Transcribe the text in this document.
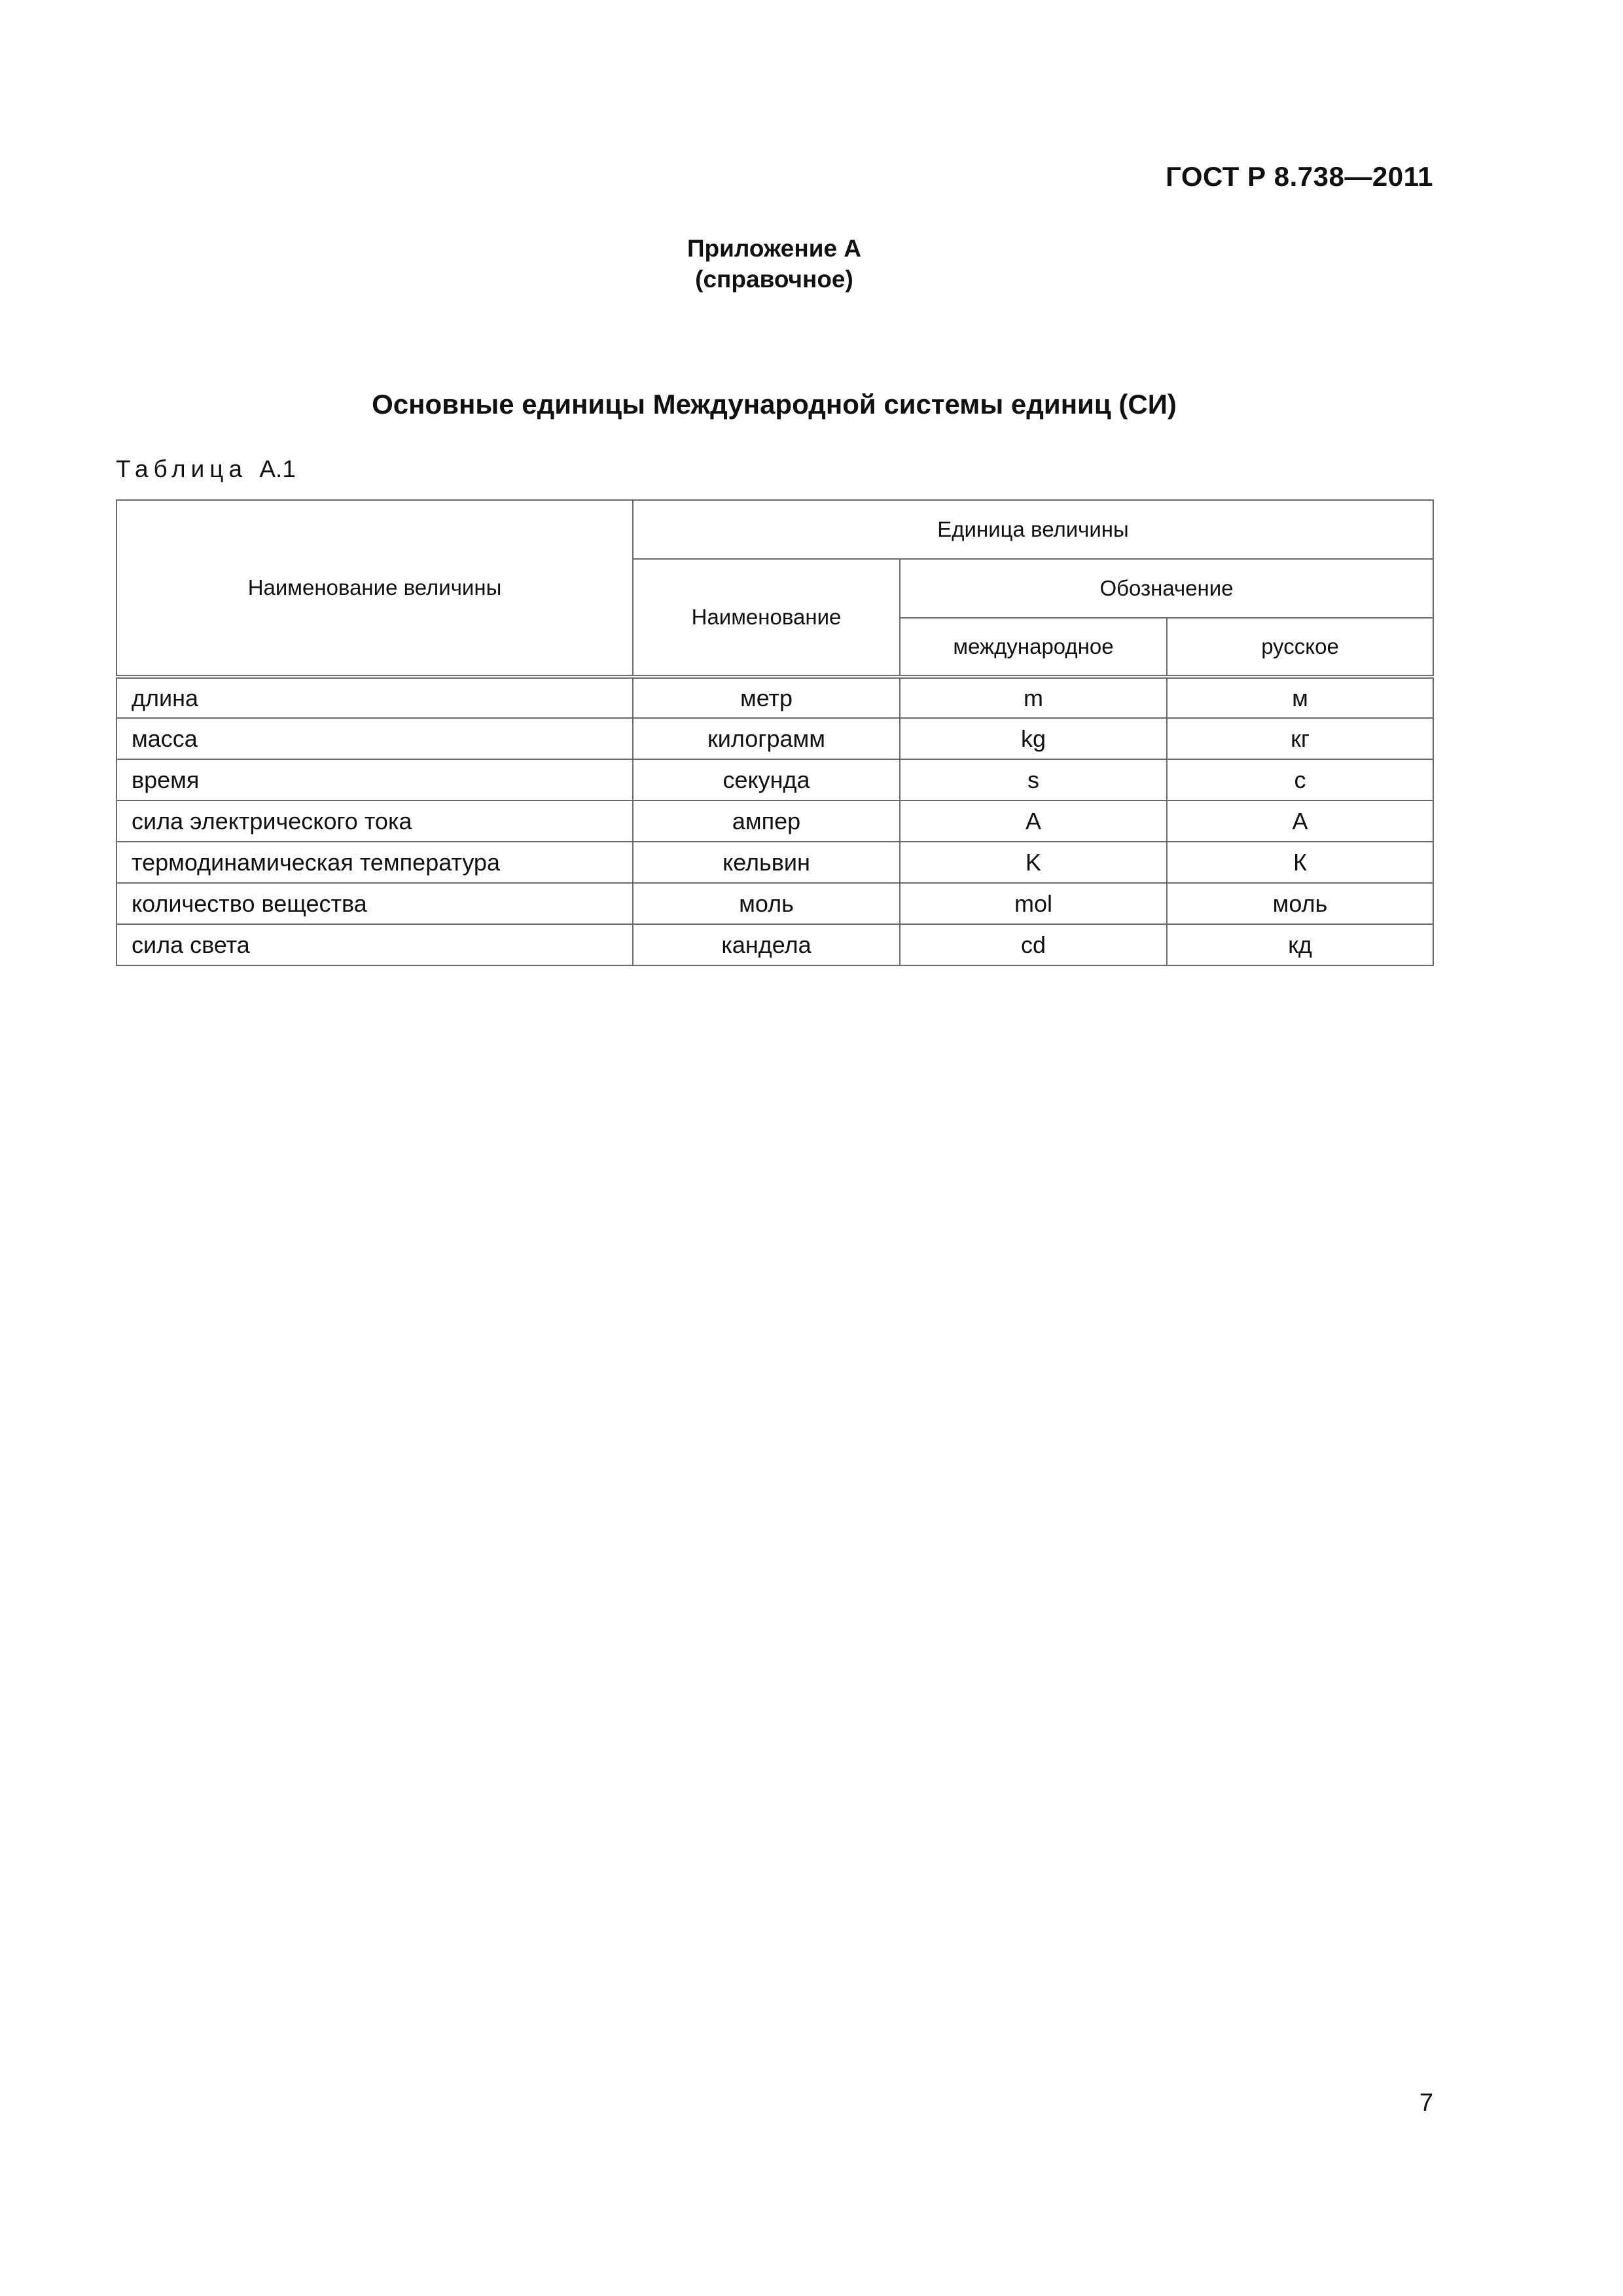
ГОСТ Р 8.738—2011
Приложение А
(справочное)
Основные единицы Международной системы единиц (СИ)
Таблица А.1
Наименование величины	Единица величины		
	Наименование	Обозначение	
		международное	русское
длина	метр	m	м
масса	килограмм	kg	кг
время	секунда	s	с
сила электрического тока	ампер	A	А
термодинамическая температура	кельвин	K	К
количество вещества	моль	mol	моль
сила света	кандела	cd	кд
7
